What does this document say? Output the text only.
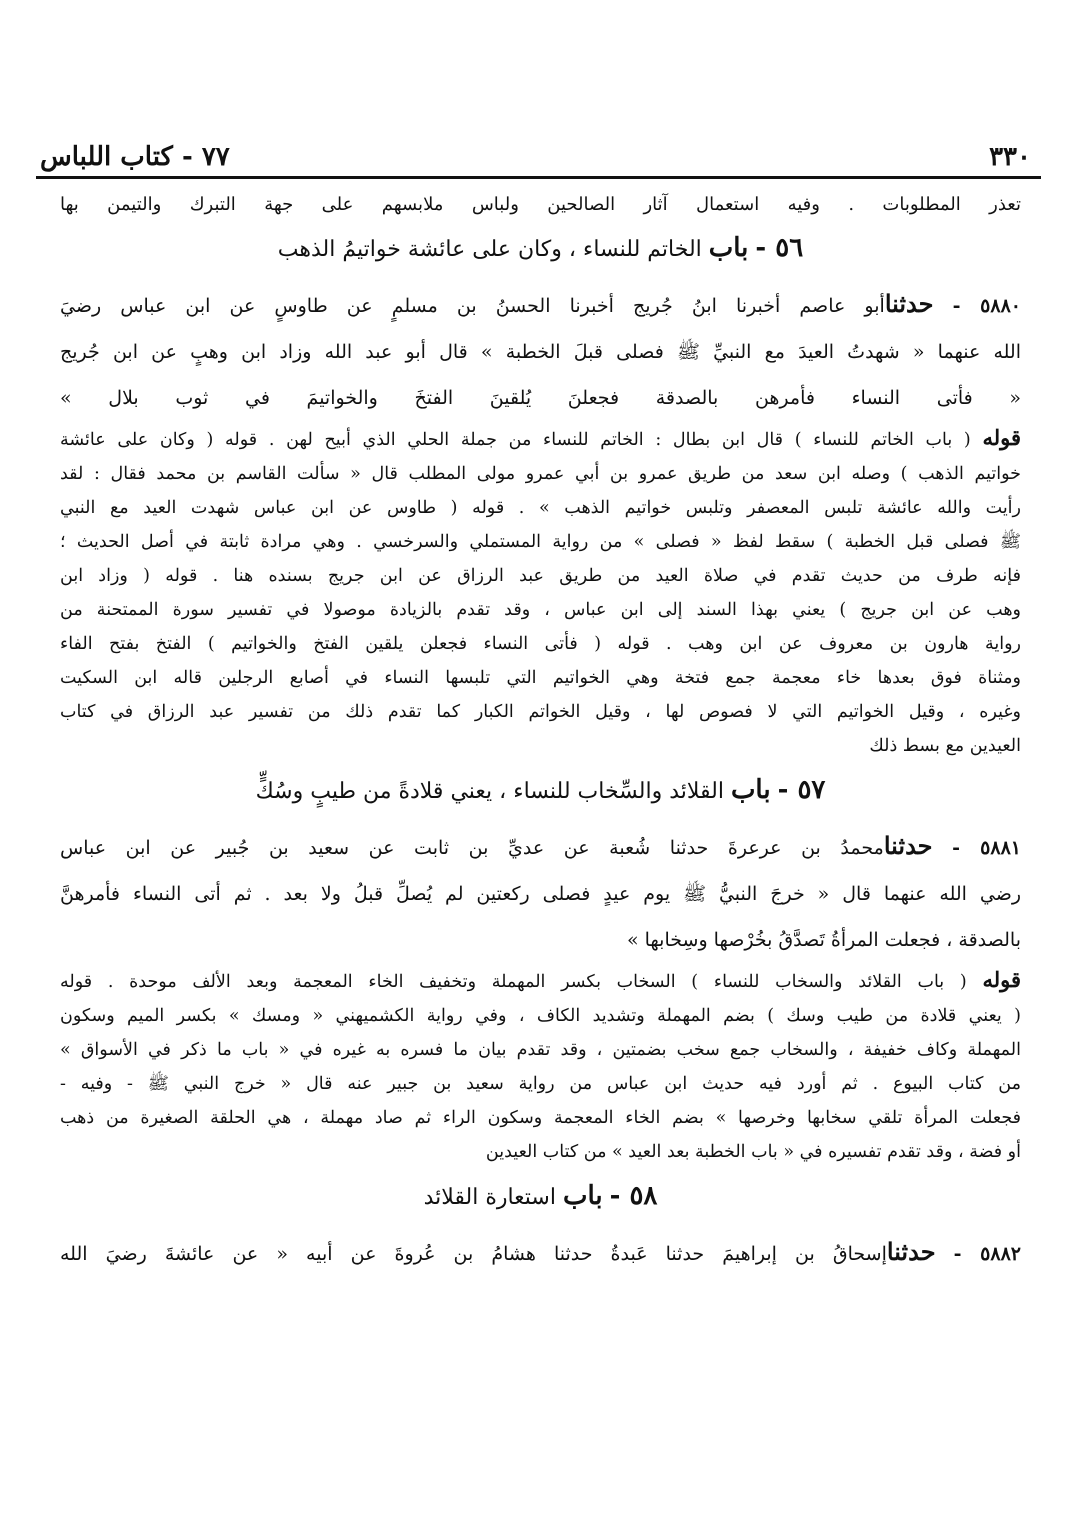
٣٣٠
٧٧ - كتاب اللباس
تعذر المطلوبات . وفيه استعمال آثار الصالحين ولباس ملابسهم على جهة التبرك والتيمن بها
٥٦ - باب الخاتم للنساء ، وكان على عائشة خواتيمُ الذهب
٥٨٨٠ - حدثناأبو عاصم أخبرنا ابنُ جُريج أخبرنا الحسنُ بن مسلمٍ عن طاوسٍ عن ابن عباس رضيَ
الله عنهما « شهدتُ العيدَ مع النبيِّ ﷺ فصلى قبلَ الخطبة » قال أبو عبد الله وزاد ابن وهبٍ عن ابن جُريج
« فأتى النساء فأمرهن بالصدقة فجعلنَ يُلقينَ الفتخَ والخواتيمَ في ثوب بلال »
قوله ( باب الخاتم للنساء ) قال ابن بطال : الخاتم للنساء من جملة الحلي الذي أبيح لهن . قوله ( وكان على عائشة
خواتيم الذهب ) وصله ابن سعد من طريق عمرو بن أبي عمرو مولى المطلب قال « سألت القاسم بن محمد فقال : لقد
رأيت والله عائشة تلبس المعصفر وتلبس خواتيم الذهب » . قوله ( طاوس عن ابن عباس شهدت العيد مع النبي
ﷺ فصلى قبل الخطبة ) سقط لفظ « فصلى » من رواية المستملي والسرخسي . وهي مرادة ثابتة في أصل الحديث ؛
فإنه طرف من حديث تقدم في صلاة العيد من طريق عبد الرزاق عن ابن جريج بسنده هنا . قوله ( وزاد ابن
وهب عن ابن جريج ) يعني بهذا السند إلى ابن عباس ، وقد تقدم بالزيادة موصولا في تفسير سورة الممتحنة من
رواية هارون بن معروف عن ابن وهب . قوله ( فأتى النساء فجعلن يلقين الفتخ والخواتيم ) الفتخ بفتح الفاء
ومثناة فوق بعدها خاء معجمة جمع فتخة وهي الخواتيم التي تلبسها النساء في أصابع الرجلين قاله ابن السكيت
وغيره ، وقيل الخواتيم التي لا فصوص لها ، وقيل الخواتم الكبار كما تقدم ذلك من تفسير عبد الرزاق في كتاب
العيدين مع بسط ذلك
٥٧ - باب القلائد والسِّخاب للنساء ، يعني قلادةً من طيبٍ وسُكٍّ
٥٨٨١ - حدثنامحمدُ بن عرعرةَ حدثنا شُعبة عن عديِّ بن ثابت عن سعيد بن جُبير عن ابن عباس
رضي الله عنهما قال « خرجَ النبيُّ ﷺ يوم عيدٍ فصلى ركعتين لم يُصلِّ قبلُ ولا بعد . ثم أتى النساء فأمرهنَّ
بالصدقة ، فجعلت المرأةُ تَصدَّقُ بخُرْصها وسِخابها »
قوله ( باب القلائد والسخاب للنساء ) السخاب بكسر المهملة وتخفيف الخاء المعجمة وبعد الألف موحدة . قوله
( يعني قلادة من طيب وسك ) بضم المهملة وتشديد الكاف ، وفي رواية الكشميهني « ومسك » بكسر الميم وسكون
المهملة وكاف خفيفة ، والسخاب جمع سخب بضمتين ، وقد تقدم بيان ما فسره به غيره في « باب ما ذكر في الأسواق »
من كتاب البيوع . ثم أورد فيه حديث ابن عباس من رواية سعيد بن جبير عنه قال « خرج النبي ﷺ - وفيه -
فجعلت المرأة تلقي سخابها وخرصها » بضم الخاء المعجمة وسكون الراء ثم صاد مهملة ، هي الحلقة الصغيرة من ذهب
أو فضة ، وقد تقدم تفسيره في « باب الخطبة بعد العيد » من كتاب العيدين
٥٨ - باب استعارة القلائد
٥٨٨٢ - حدثناإسحاقُ بن إبراهيمَ حدثنا عَبدةُ حدثنا هشامُ بن عُروةَ عن أبيه « عن عائشةَ رضيَ الله
